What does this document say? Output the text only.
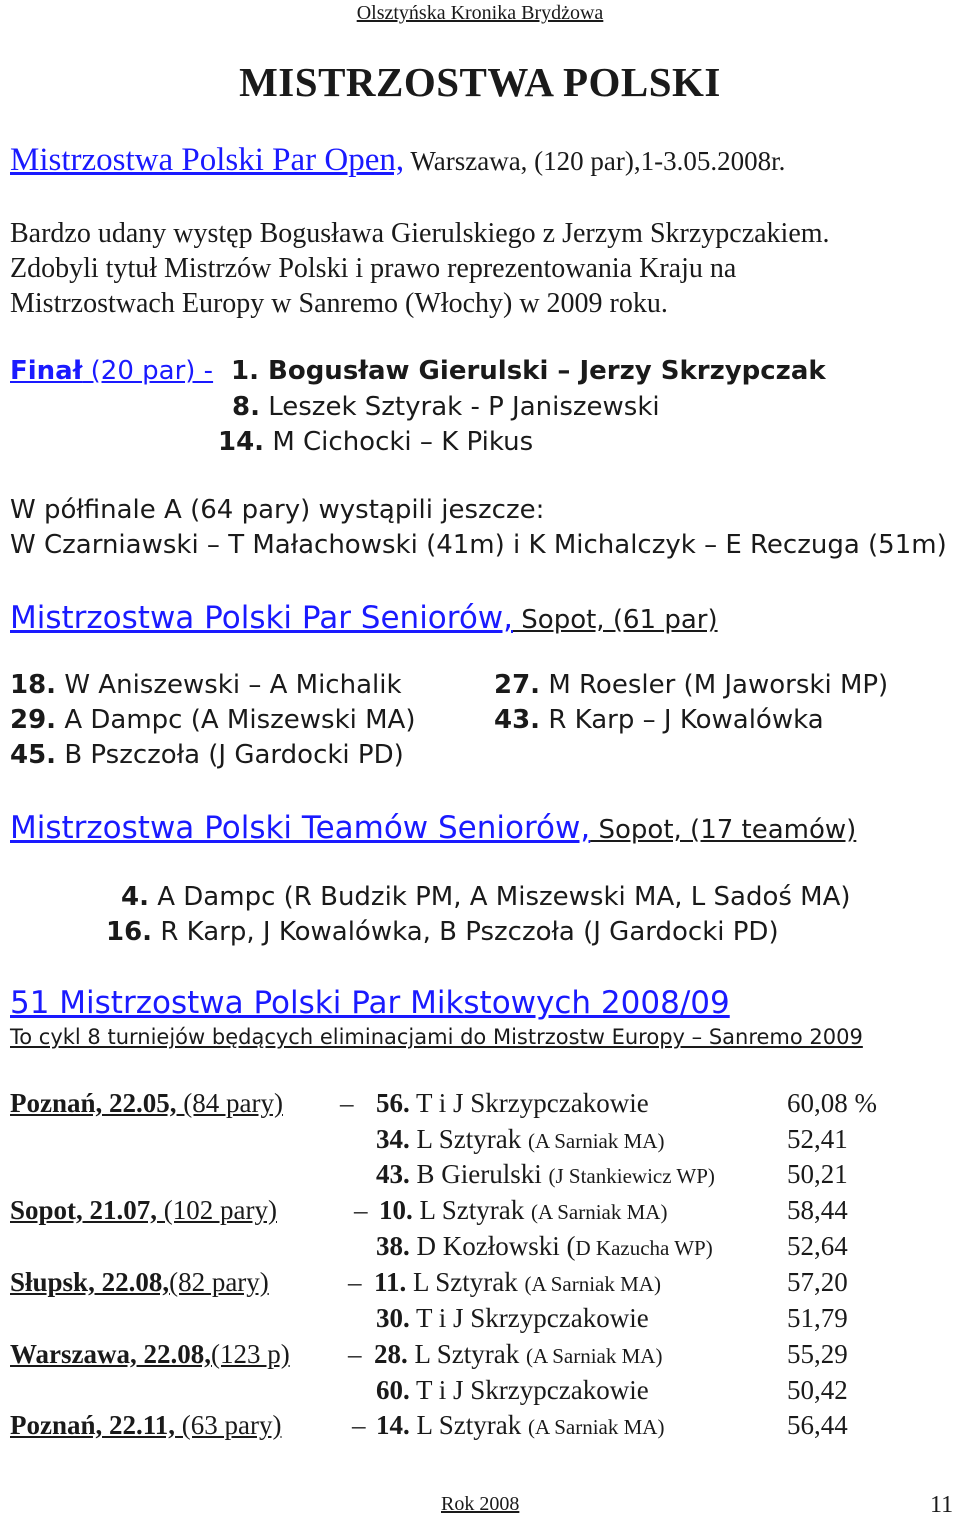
Olsztyńska Kronika Brydżowa
MISTRZOSTWA POLSKI
Mistrzostwa Polski Par Open, Warszawa, (120 par),1-3.05.2008r.
Bardzo udany występ Bogusława Gierulskiego z Jerzym Skrzypczakiem.
Zdobyli tytuł Mistrzów Polski i prawo reprezentowania Kraju na
Mistrzostwach Europy w Sanremo (Włochy) w 2009 roku.
Finał (20 par) - 1. Bogusław Gierulski – Jerzy Skrzypczak
8. Leszek Sztyrak - P Janiszewski
14. M Cichocki – K Pikus
W półfinale A (64 pary) wystąpili jeszcze:
W Czarniawski – T Małachowski (41m) i K Michalczyk – E Reczuga (51m)
Mistrzostwa Polski Par Seniorów, Sopot, (61 par)
18. W Aniszewski – A Michalik
29. A Dampc (A Miszewski MA)
45. B Pszczoła (J Gardocki PD)
27. M Roesler (M Jaworski MP)
43. R Karp – J Kowalówka
Mistrzostwa Polski Teamów Seniorów, Sopot, (17 teamów)
4. A Dampc (R Budzik PM, A Miszewski MA, L Sadoś MA)
16. R Karp, J Kowalówka, B Pszczoła (J Gardocki PD)
51 Mistrzostwa Polski Par Mikstowych 2008/09
To cykl 8 turniejów będących eliminacjami do Mistrzostw Europy – Sanremo 2009
Poznań, 22.05, (84 pary) – 56. T i J Skrzypczakowie	60,08 %
34. L Sztyrak (A Sarniak MA)	52,41
43. B Gierulski (J Stankiewicz WP)	50,21
Sopot, 21.07, (102 pary)	– 10. L Sztyrak (A Sarniak MA)	58,44
38. D Kozłowski (D Kazucha WP)	52,64
Słupsk, 22.08,(82 pary)	– 11. L Sztyrak (A Sarniak MA)	57,20
30. T i J Skrzypczakowie	51,79
Warszawa, 22.08,(123 p) – 28. L Sztyrak (A Sarniak MA)	55,29
60. T i J Skrzypczakowie	50,42
Poznań, 22.11, (63 pary)	– 14. L Sztyrak (A Sarniak MA)	56,44
Rok 2008	11
